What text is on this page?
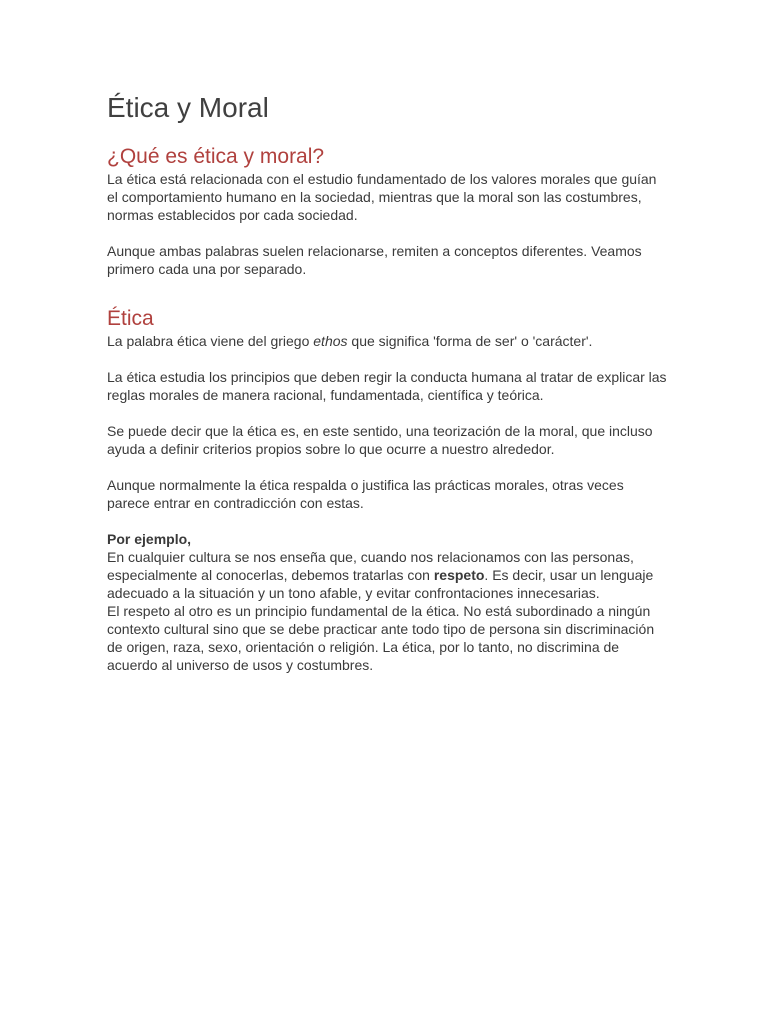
Ética y Moral
¿Qué es ética y moral?

La ética está relacionada con el estudio fundamentado de los valores morales que guían el comportamiento humano en la sociedad, mientras que la moral son las costumbres, normas establecidos por cada sociedad.

Aunque ambas palabras suelen relacionarse, remiten a conceptos diferentes. Veamos primero cada una por separado.

Ética

La palabra ética viene del griego ethos que significa 'forma de ser' o 'carácter'.

La ética estudia los principios que deben regir la conducta humana al tratar de explicar las reglas morales de manera racional, fundamentada, científica y teórica.

Se puede decir que la ética es, en este sentido, una teorización de la moral, que incluso ayuda a definir criterios propios sobre lo que ocurre a nuestro alrededor.

Aunque normalmente la ética respalda o justifica las prácticas morales, otras veces parece entrar en contradicción con estas.

Por ejemplo,

En cualquier cultura se nos enseña que, cuando nos relacionamos con las personas, especialmente al conocerlas, debemos tratarlas con respeto. Es decir, usar un lenguaje adecuado a la situación y un tono afable, y evitar confrontaciones innecesarias.

El respeto al otro es un principio fundamental de la ética. No está subordinado a ningún contexto cultural sino que se debe practicar ante todo tipo de persona sin discriminación de origen, raza, sexo, orientación o religión. La ética, por lo tanto, no discrimina de acuerdo al universo de usos y costumbres.
